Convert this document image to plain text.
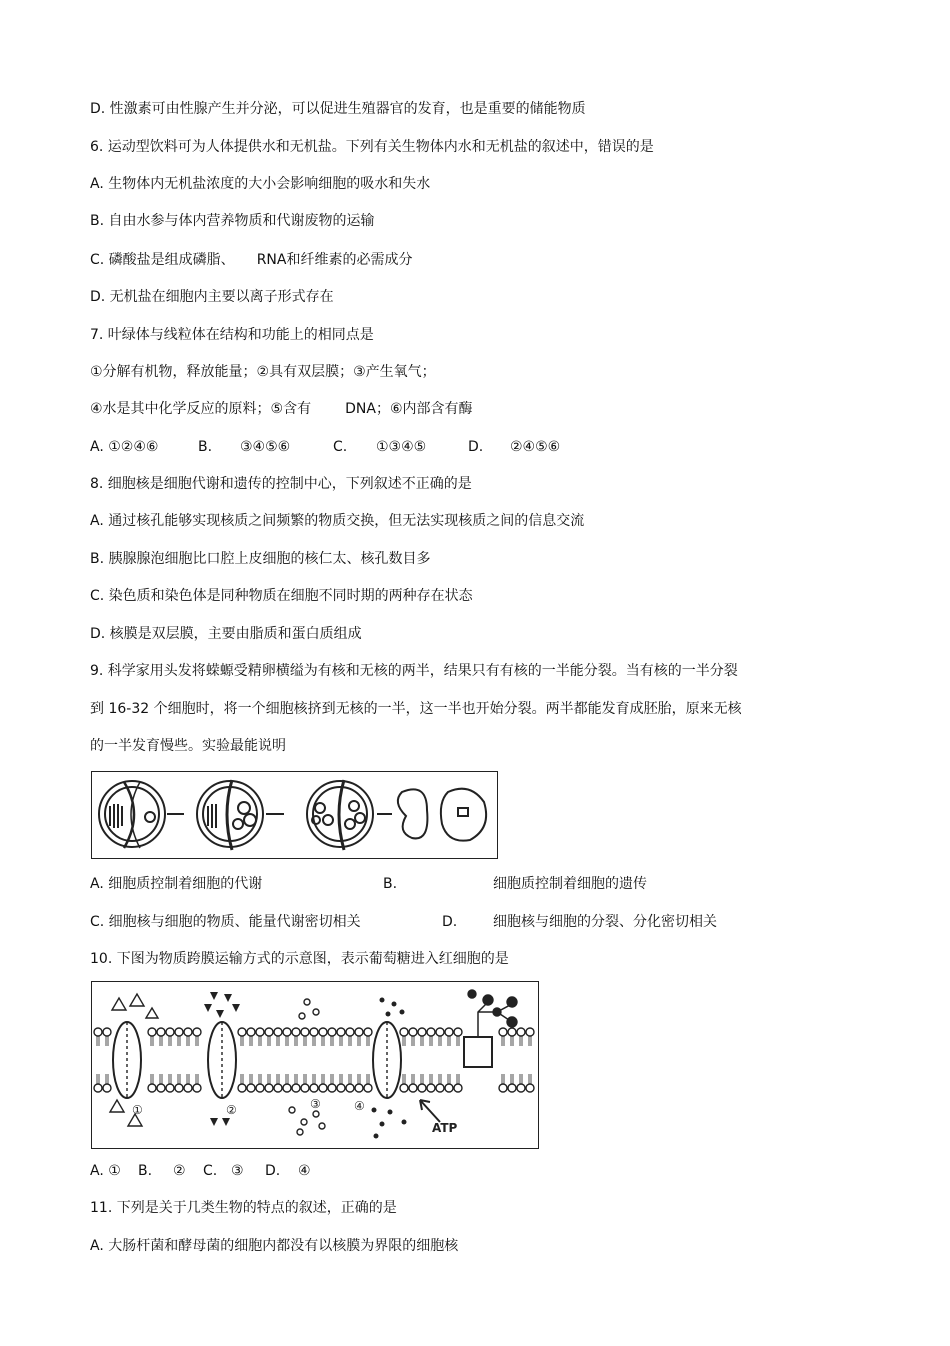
D. 性激素可由性腺产生并分泌，可以促进生殖器官的发育，也是重要的储能物质
6. 运动型饮料可为人体提供水和无机盐。下列有关生物体内水和无机盐的叙述中，错误的是
A. 生物体内无机盐浓度的大小会影响细胞的吸水和失水
B. 自由水参与体内营养物质和代谢废物的运输
C. 磷酸盐是组成磷脂、 RNA和纤维素的必需成分
D. 无机盐在细胞内主要以离子形式存在
7. 叶绿体与线粒体在结构和功能上的相同点是
①分解有机物，释放能量；②具有双层膜；③产生氧气；
④水是其中化学反应的原料；⑤含有 DNA；⑥内部含有酶
A. ①②④⑥	B. ③④⑤⑥	C. ①③④⑤	D. ②④⑤⑥
8. 细胞核是细胞代谢和遗传的控制中心，下列叙述不正确的是
A. 通过核孔能够实现核质之间频繁的物质交换，但无法实现核质之间的信息交流
B. 胰腺腺泡细胞比口腔上皮细胞的核仁太、核孔数目多
C. 染色质和染色体是同种物质在细胞不同时期的两种存在状态
D. 核膜是双层膜，主要由脂质和蛋白质组成
9. 科学家用头发将蝾螈受精卵横缢为有核和无核的两半，结果只有有核的一半能分裂。当有核的一半分裂
到 16-32 个细胞时，将一个细胞核挤到无核的一半，这一半也开始分裂。两半都能发育成胚胎，原来无核
的一半发育慢些。实验最能说明
A. 细胞质控制着细胞的代谢	B.	细胞质控制着细胞的遗传
C. 细胞核与细胞的物质、能量代谢密切相关	D.	细胞核与细胞的分裂、分化密切相关
10. 下图为物质跨膜运输方式的示意图，表示葡萄糖进入红细胞的是
①	②	③	④
ATP
A. ① B. ② C. ③ D. ④
11. 下列是关于几类生物的特点的叙述，正确的是
A. 大肠杆菌和酵母菌的细胞内都没有以核膜为界限的细胞核
